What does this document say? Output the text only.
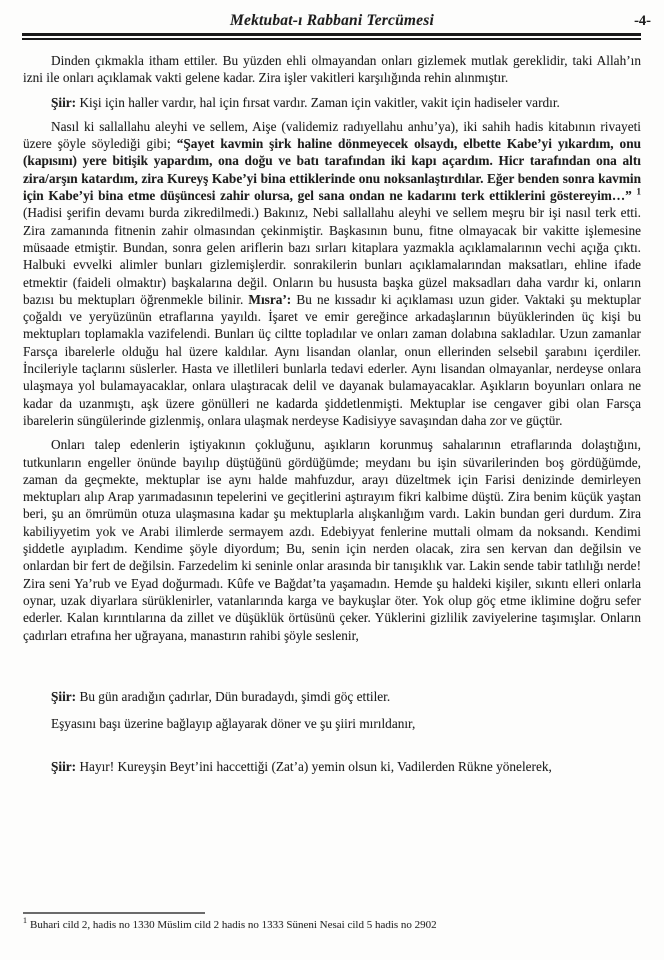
Mektubat-ı Rabbani Tercümesi	-4-

Dinden çıkmakla itham ettiler. Bu yüzden ehli olmayandan onları gizlemek mutlak gereklidir, taki Allah’ın izni ile onları açıklamak vakti gelene kadar. Zira işler vakitleri karşılığında rehin alınmıştır.

Şiir: Kişi için haller vardır, hal için fırsat vardır. Zaman için vakitler, vakit için hadiseler vardır.

Nasıl ki sallallahu aleyhi ve sellem, Aişe (validemiz radıyellahu anhu’ya), iki sahih hadis kitabının rivayeti üzere şöyle söylediği gibi; “Şayet kavmin şirk haline dönmeyecek olsaydı, elbette Kabe’yi yıkardım, onu (kapısını) yere bitişik yapardım, ona doğu ve batı tarafından iki kapı açardım. Hicr tarafından ona altı zira/arşın katardım, zira Kureyş Kabe’yi bina ettiklerinde onu noksanlaştırdılar. Eğer benden sonra kavmin için Kabe’yi bina etme düşüncesi zahir olursa, gel sana ondan ne kadarını terk ettiklerini göstereyim…” $^1$ (Hadisi şerifin devamı burda zikredilmedi.) Bakınız, Nebi sallallahu aleyhi ve sellem meşru bir işi nasıl terk etti. Zira zamanında fitnenin zahir olmasından çekinmiştir. Başkasının bunu, fitne olmayacak bir vakitte işlemesine müsaade etmiştir. Bundan, sonra gelen ariflerin bazı sırları kitaplara yazmakla açıklamalarının vechi açığa çıktı. Halbuki evvelki alimler bunları gizlemişlerdir. sonrakilerin bunları açıklamalarından maksatları, ehline ifade etmektir (faideli olmaktır) başkalarına değil. Onların bu hususta başka güzel maksadları daha vardır ki, onların bazısı bu mektupları öğrenmekle bilinir. Mısra’: Bu ne kıssadır ki açıklaması uzun gider. Vaktaki şu mektuplar çoğaldı ve yeryüzünün etraflarına yayıldı. İşaret ve emir gereğince arkadaşlarının büyüklerinden üç kişi bu mektupları toplamakla vazifelendi. Bunları üç ciltte topladılar ve onları zaman dolabına sakladılar. Uzun zamanlar Farsça ibarelerle olduğu hal üzere kaldılar. Aynı lisandan olanlar, onun ellerinden selsebil şarabını içerdiler. İncileriyle taçlarını süslerler. Hasta ve illetlileri bunlarla tedavi ederler. Aynı lisandan olmayanlar, nerdeyse onlara ulaşmaya yol bulamayacaklar, onlara ulaştıracak delil ve dayanak bulamayacaklar. Aşıkların boyunları onlara ne kadar da uzanmıştı, aşk üzere gönülleri ne kadarda şiddetlenmişti. Mektuplar ise cengaver gibi olan Farsça ibarelerin süngülerinde gizlenmiş, onlara ulaşmak nerdeyse Kadisiyye savaşından daha zor ve güçtür.

Onları talep edenlerin iştiyakının çokluğunu, aşıkların korunmuş sahalarının etraflarında dolaştığını, tutkunların engeller önünde bayılıp düştüğünü gördüğümde; meydanı bu işin süvarilerinden boş gördüğümde, zaman da geçmekte, mektuplar ise aynı halde mahfuzdur, arayı düzeltmek için Farisi denizinde demirleyen mektupları alıp Arap yarımadasının tepelerini ve geçitlerini aştırayım fikri kalbime düştü. Zira benim küçük yaştan beri, şu an ömrümün otuza ulaşmasına kadar şu mektuplarla alışkanlığım vardı. Lakin bundan geri durdum. Zira kabiliyyetim yok ve Arabi ilimlerde sermayem azdı. Edebiyyat fenlerine muttali olmam da noksandı. Kendimi şiddetle ayıpladım. Kendime şöyle diyordum; Bu, senin için nerden olacak, zira sen kervan dan değilsin ve onlardan bir fert de değilsin. Farzedelim ki seninle onlar arasında bir tanışıklık var. Lakin sende tabir tatlılığı nerde! Zira seni Ya’rub ve Eyad doğurmadı. Kûfe ve Bağdat’ta yaşamadın. Hemde şu haldeki kişiler, sıkıntı elleri onlarla oynar, uzak diyarlara sürüklenirler, vatanlarında karga ve baykuşlar öter. Yok olup göç etme iklimine doğru sefer ederler. Kalan kırıntılarına da zillet ve düşüklük örtüsünü çeker. Yüklerini gizlilik zaviyelerine taşımışlar. Onların çadırları etrafına her uğrayana, manastırın rahibi şöyle seslenir,

Şiir: Bu gün aradığın çadırlar, Dün buradaydı, şimdi göç ettiler.

Eşyasını başı üzerine bağlayıp ağlayarak döner ve şu şiiri mırıldanır,

Şiir: Hayır! Kureyşin Beyt’ini haccettiği (Zat’a) yemin olsun ki, Vadilerden Rükne yönelerek,

$^1$ Buhari cild 2, hadis no 1330 Müslim cild 2 hadis no 1333 Süneni Nesai cild 5 hadis no 2902
